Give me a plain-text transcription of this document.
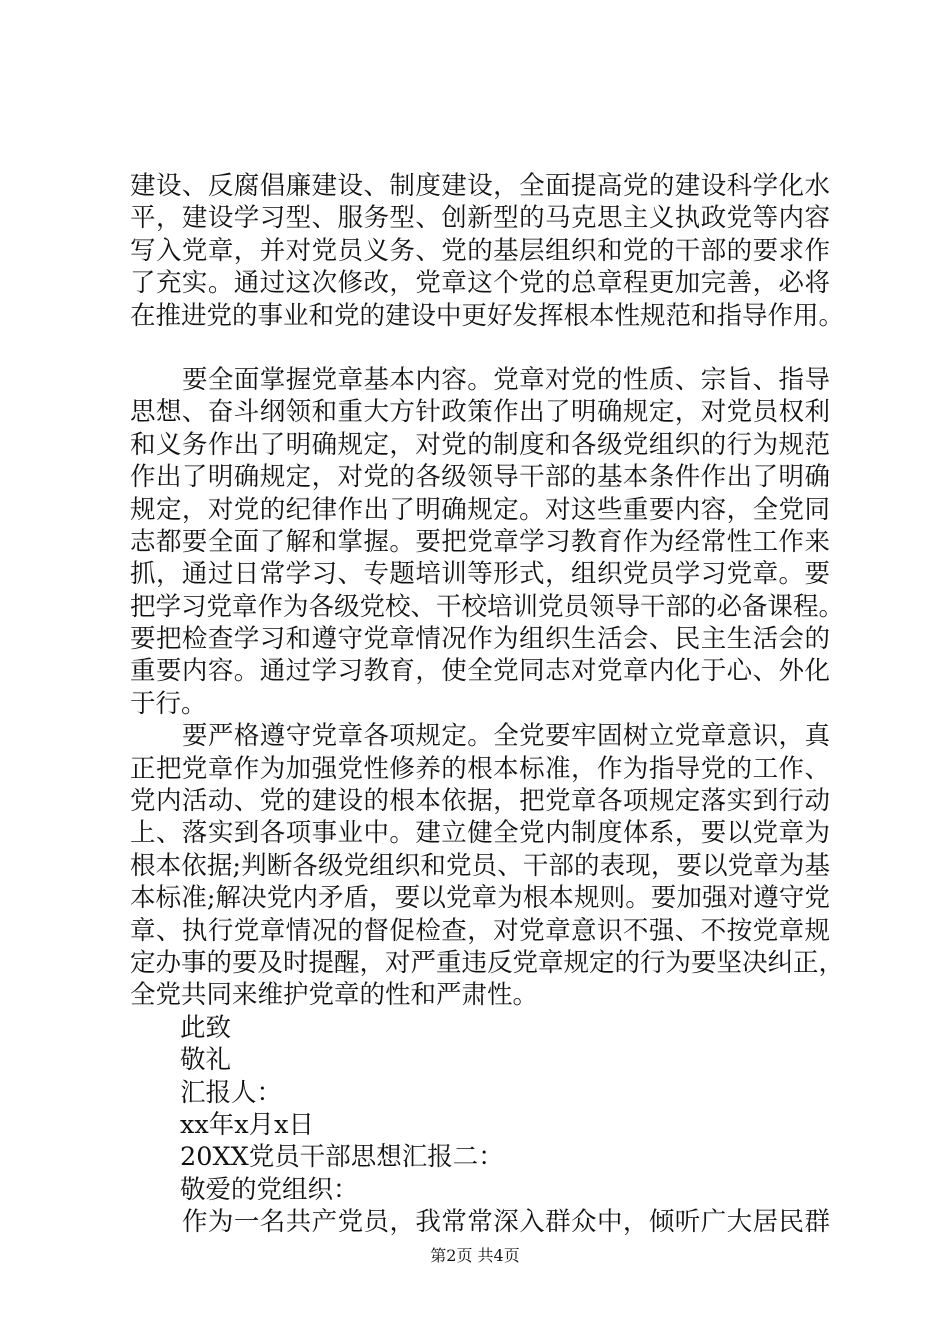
建设、反腐倡廉建设、制度建设，全面提高党的建设科学化水
平，建设学习型、服务型、创新型的马克思主义执政党等内容
写入党章，并对党员义务、党的基层组织和党的干部的要求作
了充实。通过这次修改，党章这个党的总章程更加完善，必将
在推进党的事业和党的建设中更好发挥根本性规范和指导作用。
要全面掌握党章基本内容。党章对党的性质、宗旨、指导
思想、奋斗纲领和重大方针政策作出了明确规定，对党员权利
和义务作出了明确规定，对党的制度和各级党组织的行为规范
作出了明确规定，对党的各级领导干部的基本条件作出了明确
规定，对党的纪律作出了明确规定。对这些重要内容，全党同
志都要全面了解和掌握。要把党章学习教育作为经常性工作来
抓，通过日常学习、专题培训等形式，组织党员学习党章。要
把学习党章作为各级党校、干校培训党员领导干部的必备课程。
要把检查学习和遵守党章情况作为组织生活会、民主生活会的
重要内容。通过学习教育，使全党同志对党章内化于心、外化
于行。
要严格遵守党章各项规定。全党要牢固树立党章意识，真
正把党章作为加强党性修养的根本标准，作为指导党的工作、
党内活动、党的建设的根本依据，把党章各项规定落实到行动
上、落实到各项事业中。建立健全党内制度体系，要以党章为
根本依据;判断各级党组织和党员、干部的表现，要以党章为基
本标准;解决党内矛盾，要以党章为根本规则。要加强对遵守党
章、执行党章情况的督促检查，对党章意识不强、不按党章规
定办事的要及时提醒，对严重违反党章规定的行为要坚决纠正，
全党共同来维护党章的性和严肃性。
此致
敬礼
汇报人：
xx年x月x日
20XX党员干部思想汇报二：
敬爱的党组织：
作为一名共产党员，我常常深入群众中，倾听广大居民群
第2页 共4页
